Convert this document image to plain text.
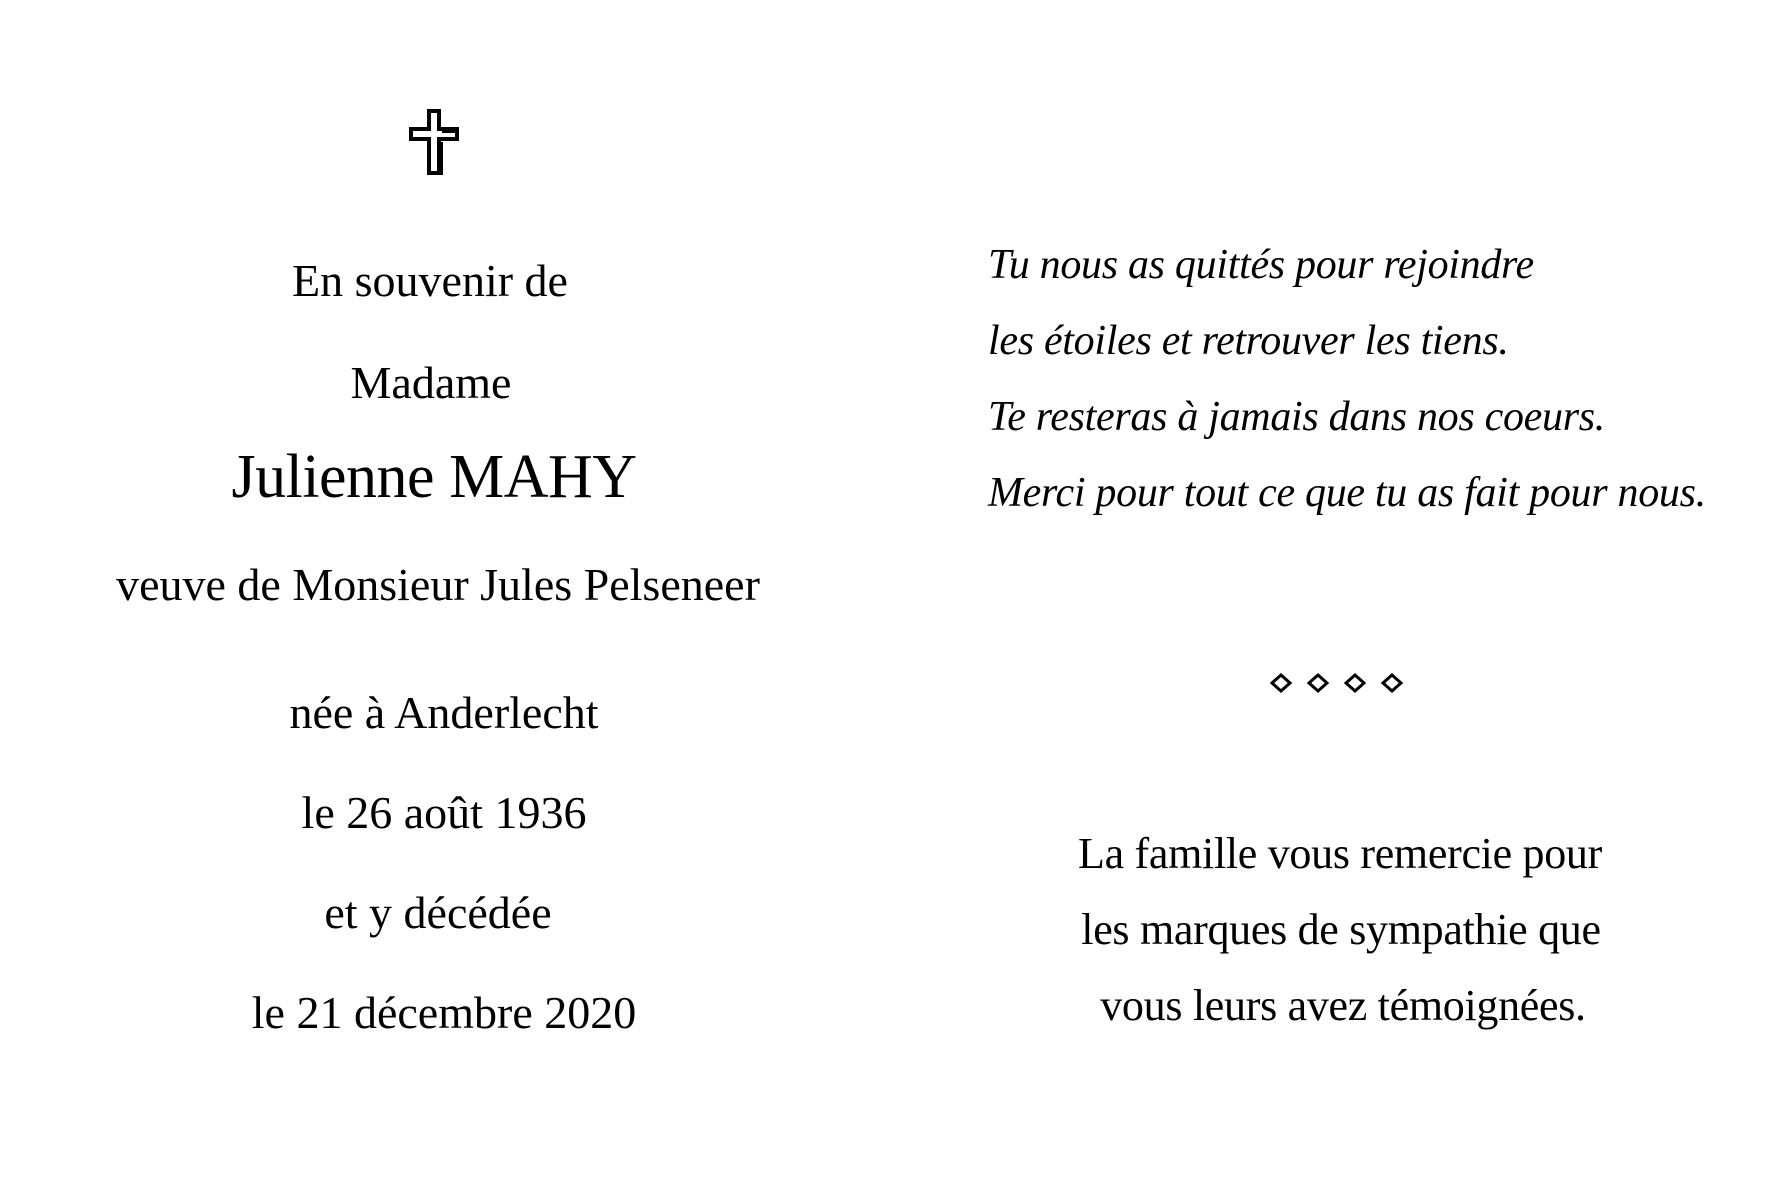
En souvenir de
Madame
Julienne MAHY
veuve de Monsieur Jules Pelseneer
née à Anderlecht
le 26 août 1936
et y décédée
le 21 décembre 2020
Tu nous as quittés pour rejoindre
les étoiles et retrouver les tiens.
Te resteras à jamais dans nos coeurs.
Merci pour tout ce que tu as fait pour nous.
La famille vous remercie pour
les marques de sympathie que
vous leurs avez témoignées.
